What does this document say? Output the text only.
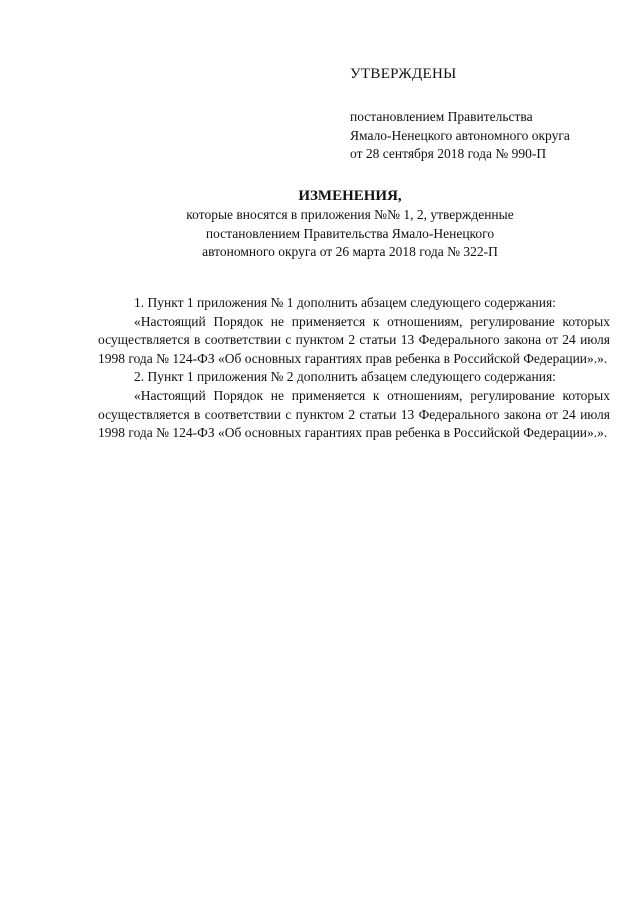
УТВЕРЖДЕНЫ
постановлением Правительства
Ямало-Ненецкого автономного округа
от 28 сентября 2018 года № 990-П
ИЗМЕНЕНИЯ,
которые вносятся в приложения №№ 1, 2, утвержденные
постановлением Правительства Ямало-Ненецкого
автономного округа от 26 марта 2018 года № 322-П

1. Пункт 1 приложения № 1 дополнить абзацем следующего содержания:

«Настоящий Порядок не применяется к отношениям, регулирование которых осуществляется в соответствии с пунктом 2 статьи 13 Федерального закона от 24 июля 1998 года № 124-ФЗ «Об основных гарантиях прав ребенка в Российской Федерации».».

2. Пункт 1 приложения № 2 дополнить абзацем следующего содержания:

«Настоящий Порядок не применяется к отношениям, регулирование которых осуществляется в соответствии с пунктом 2 статьи 13 Федерального закона от 24 июля 1998 года № 124-ФЗ «Об основных гарантиях прав ребенка в Российской Федерации».».
